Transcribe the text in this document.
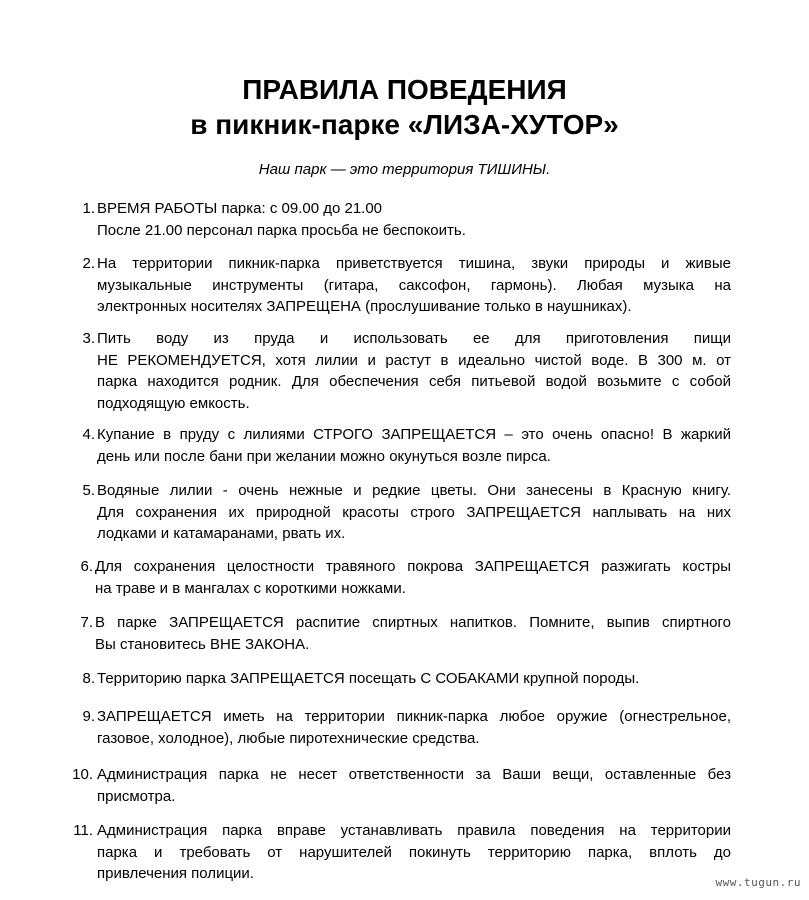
ПРАВИЛА ПОВЕДЕНИЯ
в пикник-парке «ЛИЗА-ХУТОР»
Наш парк — это территория ТИШИНЫ.
1. ВРЕМЯ РАБОТЫ парка: с 09.00 до 21.00
После 21.00 персонал парка просьба не беспокоить.
2. На территории пикник-парка приветствуется тишина, звуки природы и живые
музыкальные инструменты (гитара, саксофон, гармонь). Любая музыка на
электронных носителях ЗАПРЕЩЕНА (прослушивание только в наушниках).
3. Пить воду из пруда и использовать ее для приготовления пищи
НЕ РЕКОМЕНДУЕТСЯ, хотя лилии и растут в идеально чистой воде. В 300 м. от
парка находится родник. Для обеспечения себя питьевой водой возьмите с собой
подходящую емкость.
4. Купание в пруду с лилиями СТРОГО ЗАПРЕЩАЕТСЯ – это очень опасно! В жаркий
день или после бани при желании можно окунуться возле пирса.
5. Водяные лилии - очень нежные и редкие цветы. Они занесены в Красную книгу.
Для сохранения их природной красоты строго ЗАПРЕЩАЕТСЯ наплывать на них
лодками и катамаранами, рвать их.
6. Для сохранения целостности травяного покрова ЗАПРЕЩАЕТСЯ разжигать костры
на траве и в мангалах с короткими ножками.
7. В парке ЗАПРЕЩАЕТСЯ распитие спиртных напитков. Помните, выпив спиртного
Вы становитесь ВНЕ ЗАКОНА.
8. Территорию парка ЗАПРЕЩАЕТСЯ посещать С СОБАКАМИ крупной породы.
9. ЗАПРЕЩАЕТСЯ иметь на территории пикник-парка любое оружие (огнестрельное,
газовое, холодное), любые пиротехнические средства.
10. Администрация парка не несет ответственности за Ваши вещи, оставленные без
присмотра.
11. Администрация парка вправе устанавливать правила поведения на территории
парка и требовать от нарушителей покинуть территорию парка, вплоть до
привлечения полиции.
www.tugun.ru
